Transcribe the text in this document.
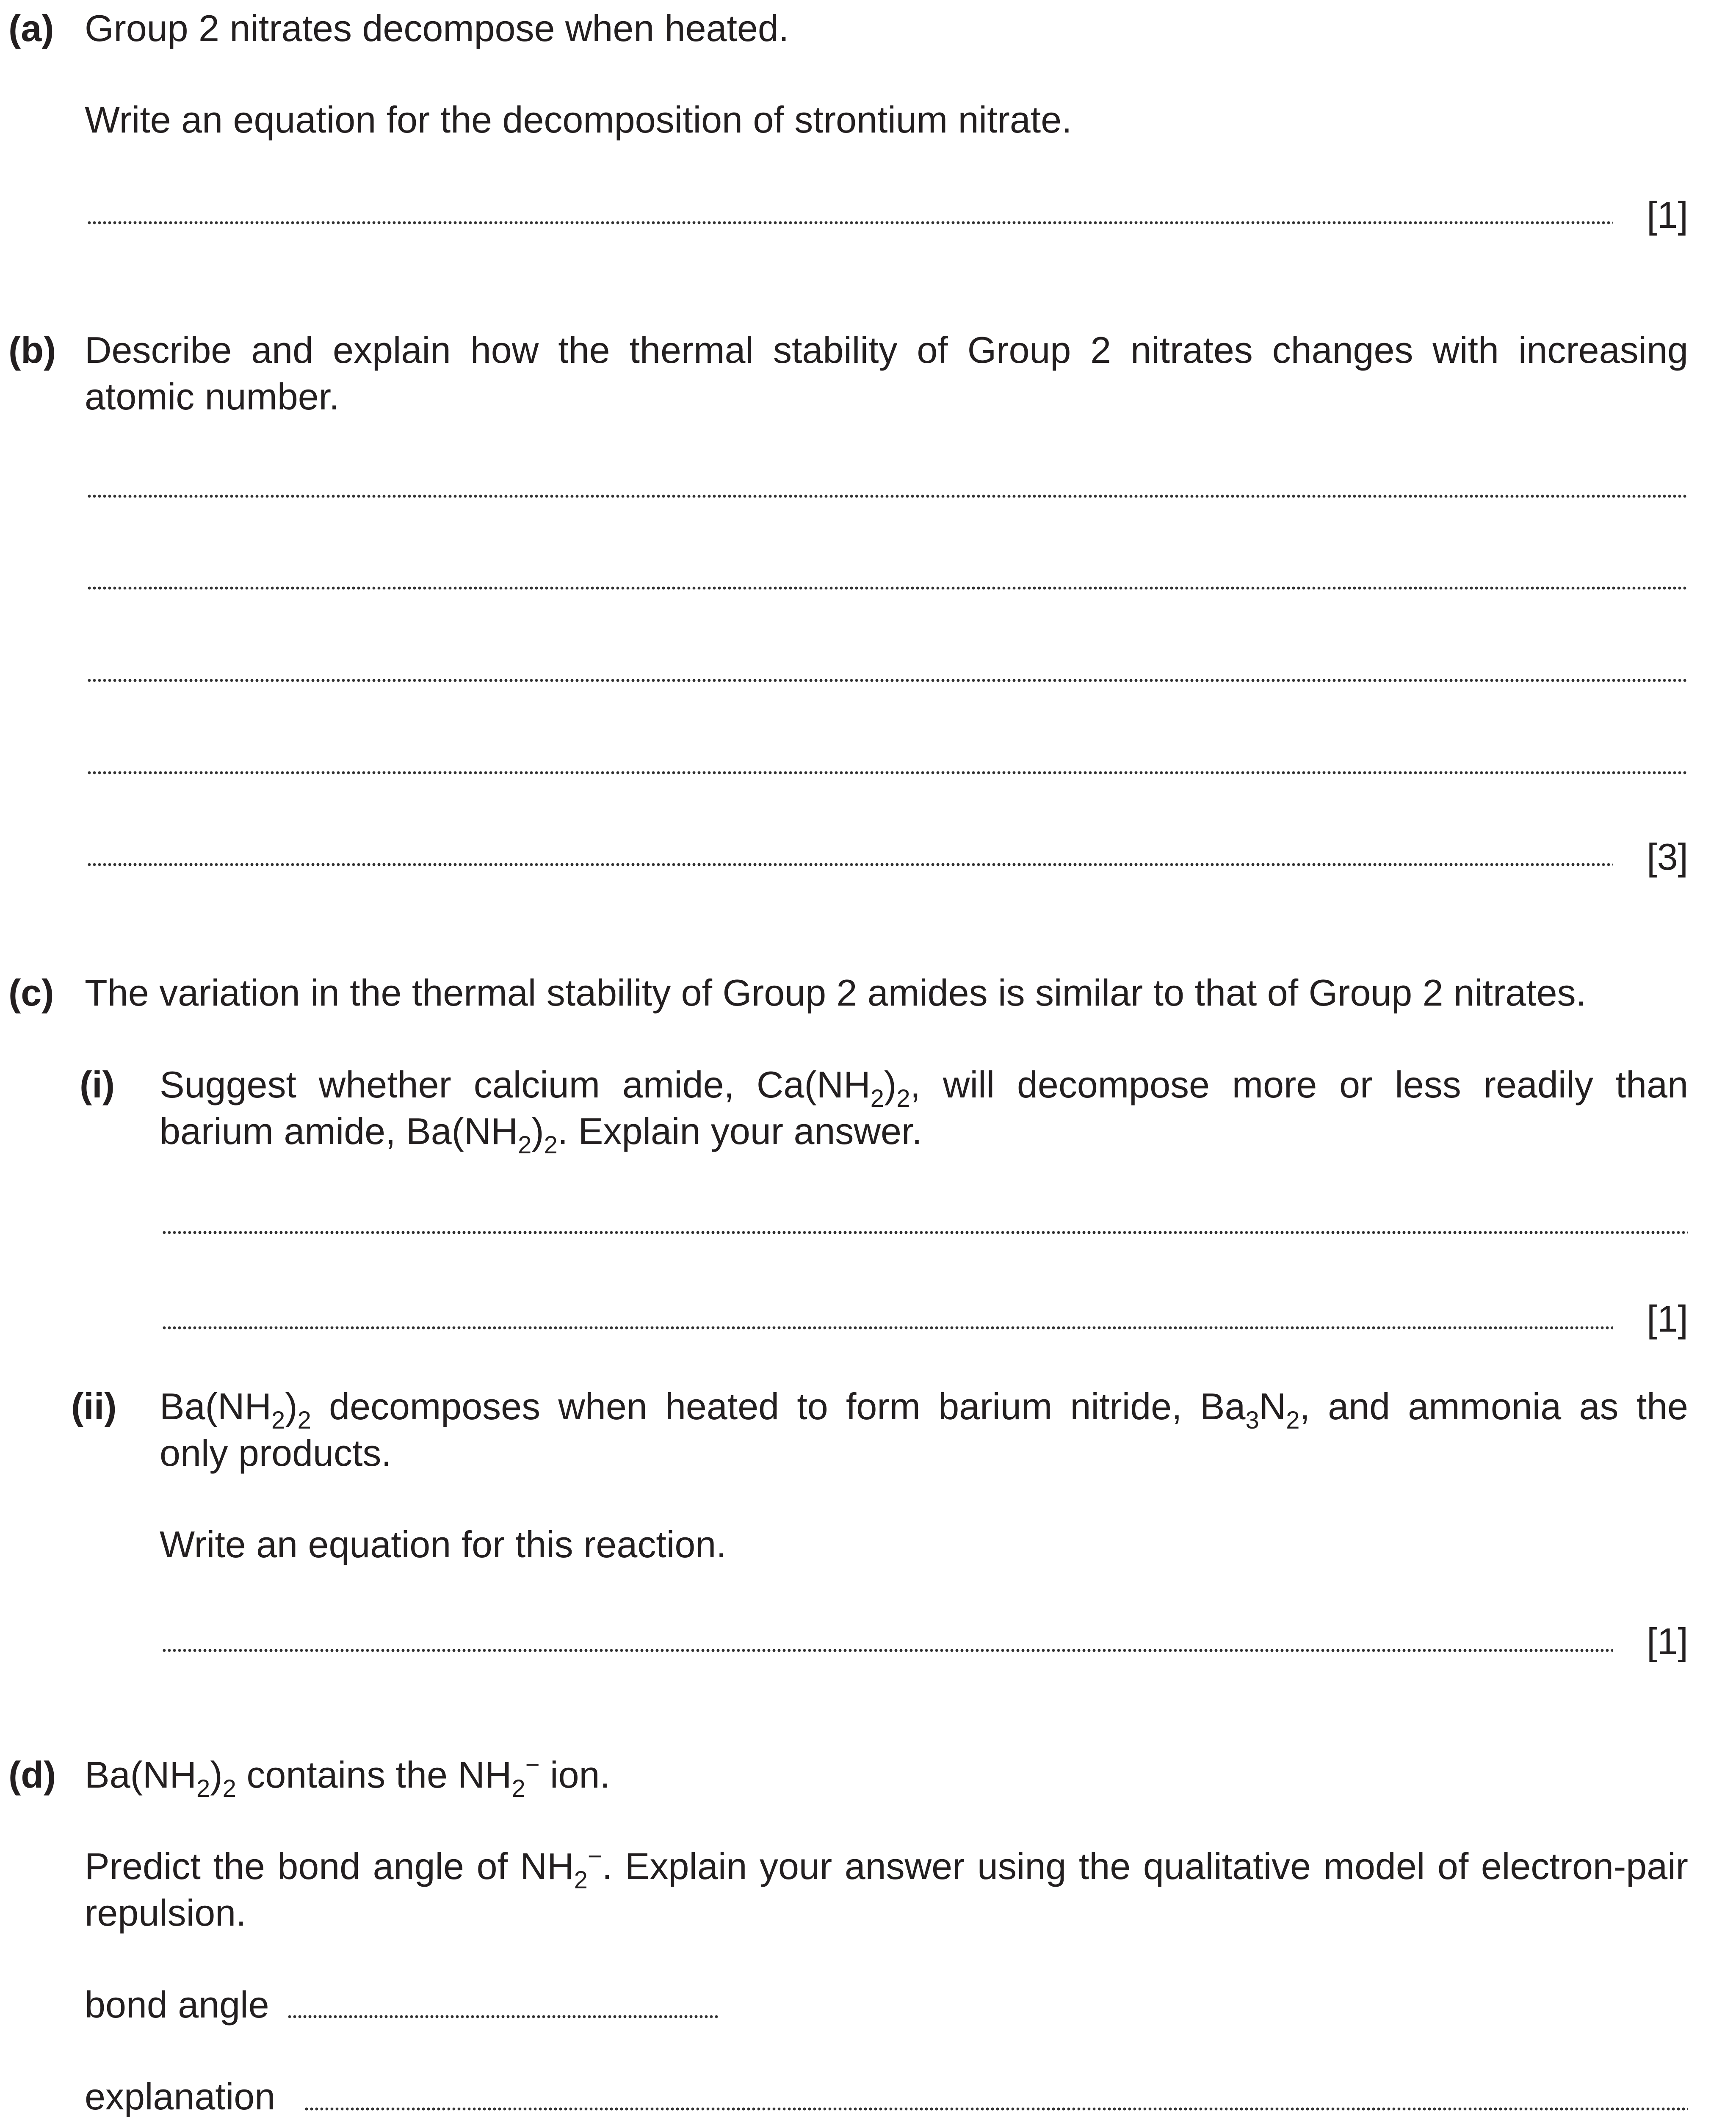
(a) Group 2 nitrates decompose when heated.
Write an equation for the decomposition of strontium nitrate.
[1]
(b) Describe and explain how the thermal stability of Group 2 nitrates changes with increasing
atomic number.
[3]
(c) The variation in the thermal stability of Group 2 amides is similar to that of Group 2 nitrates.
(i) Suggest whether calcium amide, $Ca(NH_2)_2$, will decompose more or less readily than
barium amide, $Ba(NH_2)_2$. Explain your answer.
[1]
(ii) $Ba(NH_2)_2$ decomposes when heated to form barium nitride, $Ba_3N_2$, and ammonia as the
only products.
Write an equation for this reaction.
[1]
(d) $Ba(NH_2)_2$ contains the $NH_2^-$ ion.
Predict the bond angle of $NH_2^-$. Explain your answer using the qualitative model of electron-pair
repulsion.
bond angle
explanation
